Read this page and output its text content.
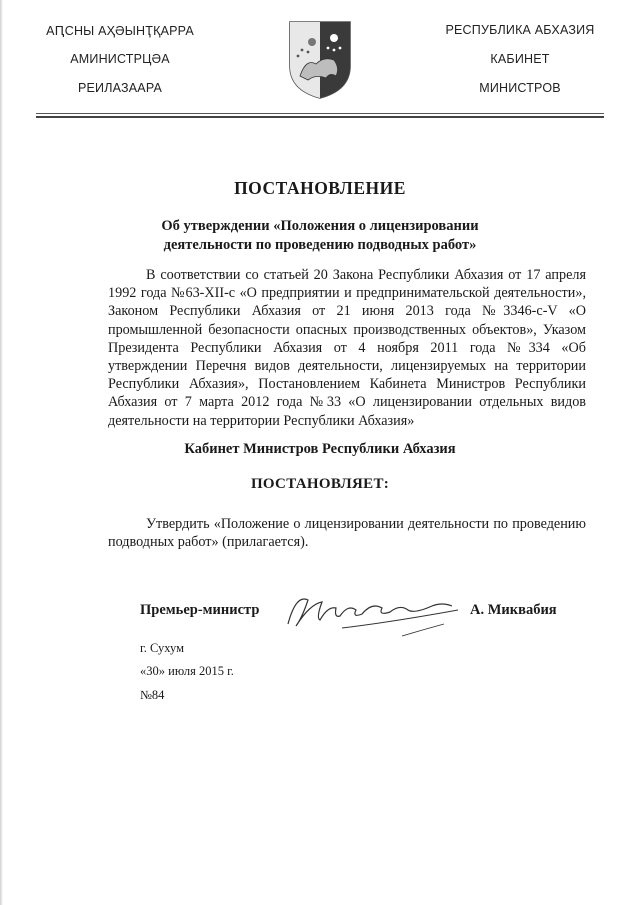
АԤСНЫ АҲӘЫНҬҚАРРА
АМИНИСТРЦӘА
РЕИЛАЗААРА
РЕСПУБЛИКА АБХАЗИЯ
КАБИНЕТ
МИНИСТРОВ
ПОСТАНОВЛЕНИЕ
Об утверждении «Положения о лицензировании
деятельности по проведению подводных работ»
В соответствии со статьей 20 Закона Республики Абхазия от 17 апреля 1992 года №63-XII-с «О предприятии и предпринимательской деятельности», Законом Республики Абхазия от 21 июня 2013 года №3346-с-V «О промышленной безопасности опасных производственных объектов», Указом Президента Республики Абхазия от 4 ноября 2011 года №334 «Об утверждении Перечня видов деятельности, лицензируемых на территории Республики Абхазия», Постановлением Кабинета Министров Республики Абхазия от 7 марта 2012 года №33 «О лицензировании отдельных видов деятельности на территории Республики Абхазия»
Кабинет Министров Республики Абхазия
ПОСТАНОВЛЯЕТ:
Утвердить «Положение о лицензировании деятельности по проведению подводных работ» (прилагается).
Премьер-министр	А. Миквабия
г. Сухум
«30» июля 2015 г.
№84
